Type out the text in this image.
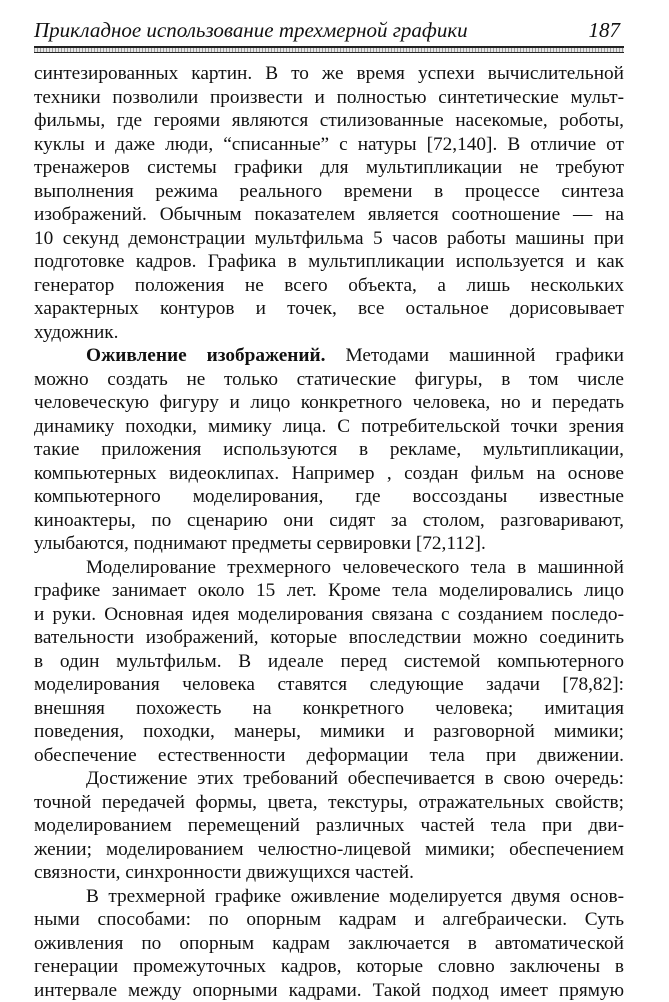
Прикладное использование трехмерной графики	187
синтезированных картин. В то же время успехи вычислительной
техники позволили произвести и полностью синтетические мульт-
фильмы, где героями являются стилизованные насекомые, роботы,
куклы и даже люди, “списанные” с натуры [72,140]. В отличие от
тренажеров системы графики для мультипликации не требуют
выполнения режима реального времени в процессе синтеза
изображений. Обычным показателем является соотношение — на
10 секунд демонстрации мультфильма 5 часов работы машины при
подготовке кадров. Графика в мультипликации используется и как
генератор положения не всего объекта, а лишь нескольких
характерных контуров и точек, все остальное дорисовывает
художник.
Оживление изображений. Методами машинной графики
можно создать не только статические фигуры, в том числе
человеческую фигуру и лицо конкретного человека, но и передать
динамику походки, мимику лица. С потребительской точки зрения
такие приложения используются в рекламе, мультипликации,
компьютерных видеоклипах. Например , создан фильм на основе
компьютерного моделирования, где воссозданы известные
киноактеры, по сценарию они сидят за столом, разговаривают,
улыбаются, поднимают предметы сервировки [72,112].
Моделирование трехмерного человеческого тела в машинной
графике занимает около 15 лет. Кроме тела моделировались лицо
и руки. Основная идея моделирования связана с созданием последо-
вательности изображений, которые впоследствии можно соединить
в один мультфильм. В идеале перед системой компьютерного
моделирования человека ставятся следующие задачи [78,82]:
внешняя похожесть на конкретного человека; имитация
поведения, походки, манеры, мимики и разговорной мимики;
обеспечение естественности деформации тела при движении.
Достижение этих требований обеспечивается в свою очередь:
точной передачей формы, цвета, текстуры, отражательных свойств;
моделированием перемещений различных частей тела при дви-
жении; моделированием челюстно-лицевой мимики; обеспечением
связности, синхронности движущихся частей.
В трехмерной графике оживление моделируется двумя основ-
ными способами: по опорным кадрам и алгебраически. Суть
оживления по опорным кадрам заключается в автоматической
генерации промежуточных кадров, которые словно заключены в
интервале между опорными кадрами. Такой подход имеет прямую
